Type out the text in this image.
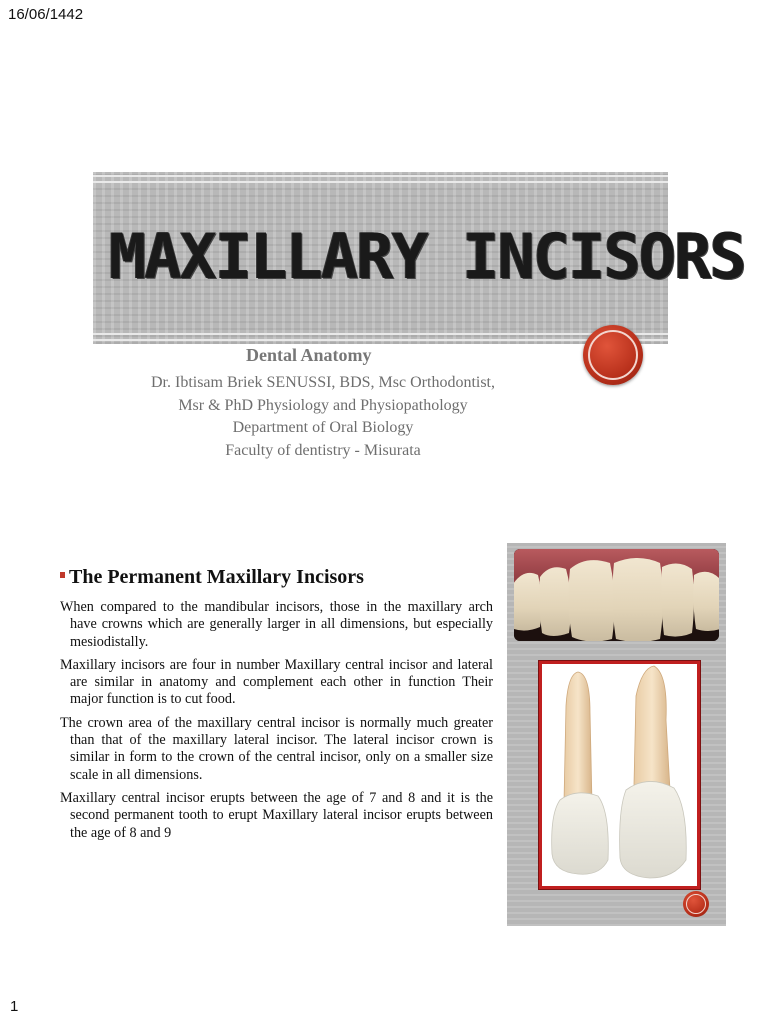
16/06/1442
MAXILLARY INCISORS
Dental Anatomy
Dr. Ibtisam Briek SENUSSI, BDS, Msc Orthodontist,
Msr & PhD Physiology and Physiopathology
Department of Oral Biology
Faculty of dentistry - Misurata
The Permanent Maxillary Incisors

When compared to the mandibular incisors, those in the maxillary arch have crowns which are generally larger in all dimensions, but especially mesiodistally.

Maxillary incisors are four in number Maxillary central incisor and lateral are similar in anatomy and complement each other in function Their major function is to cut food.

The crown area of the maxillary central incisor is normally much greater than that of the maxillary lateral incisor. The lateral incisor crown is similar in form to the crown of the central incisor, only on a smaller size scale in all dimensions.

Maxillary central incisor erupts between the age of 7 and 8 and it is the second permanent tooth to erupt Maxillary lateral incisor erupts between the age of 8 and 9

1
